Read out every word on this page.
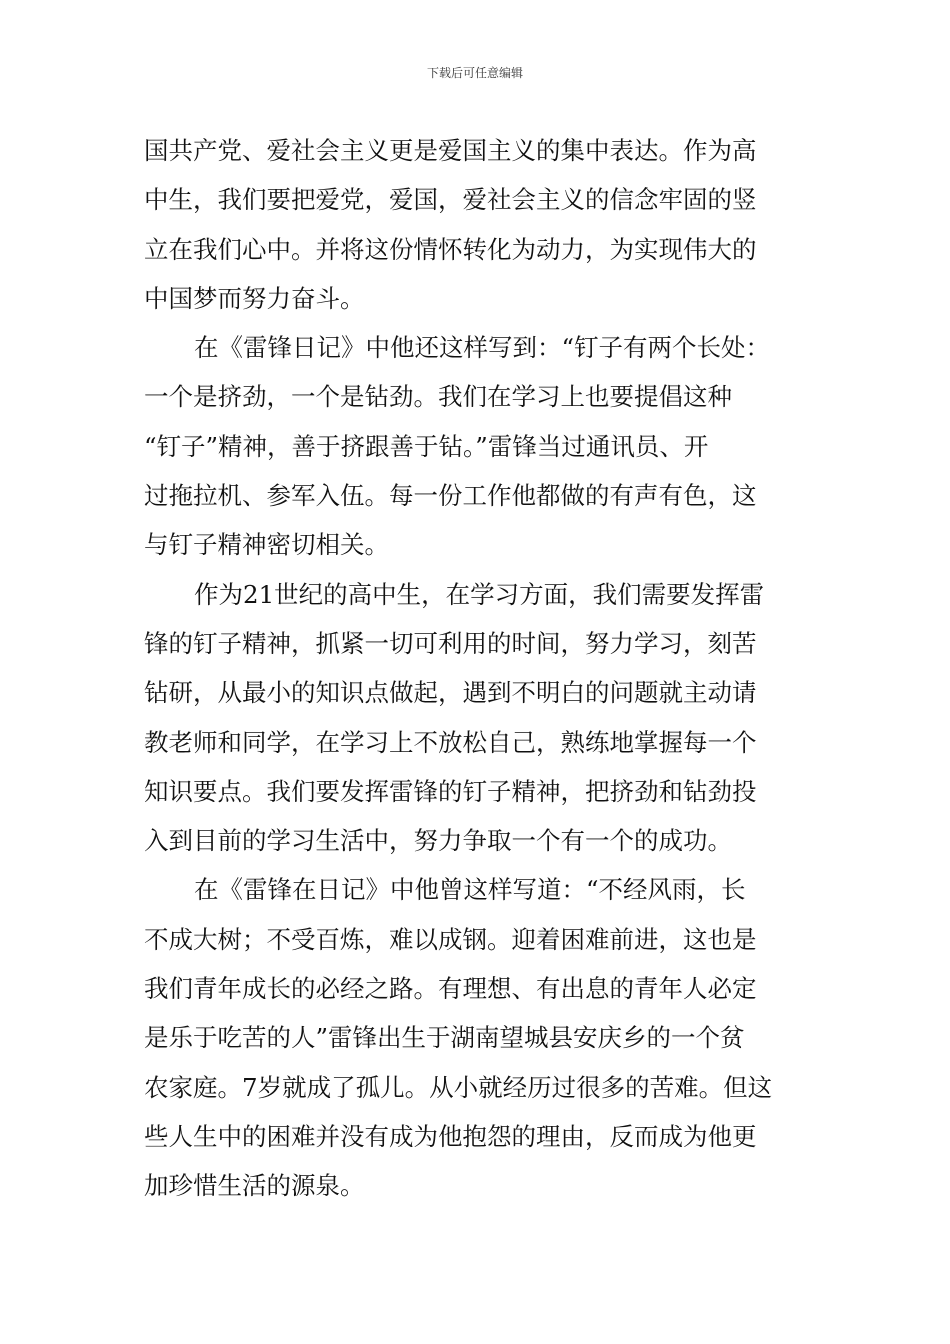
下载后可任意编辑

国共产党、爱社会主义更是爱国主义的集中表达。作为高
中生，我们要把爱党，爱国，爱社会主义的信念牢固的竖
立在我们心中。并将这份情怀转化为动力，为实现伟大的
中国梦而努力奋斗。

在《雷锋日记》中他还这样写到：“钉子有两个长处：
一个是挤劲，一个是钻劲。我们在学习上也要提倡这种
“钉子”精神，善于挤跟善于钻。”雷锋当过通讯员、开
过拖拉机、参军入伍。每一份工作他都做的有声有色，这
与钉子精神密切相关。

作为21世纪的高中生，在学习方面，我们需要发挥雷
锋的钉子精神，抓紧一切可利用的时间，努力学习，刻苦
钻研，从最小的知识点做起，遇到不明白的问题就主动请
教老师和同学，在学习上不放松自己，熟练地掌握每一个
知识要点。我们要发挥雷锋的钉子精神，把挤劲和钻劲投
入到目前的学习生活中，努力争取一个有一个的成功。

在《雷锋在日记》中他曾这样写道：“不经风雨，长
不成大树；不受百炼，难以成钢。迎着困难前进，这也是
我们青年成长的必经之路。有理想、有出息的青年人必定
是乐于吃苦的人”雷锋出生于湖南望城县安庆乡的一个贫
农家庭。7岁就成了孤儿。从小就经历过很多的苦难。但这
些人生中的困难并没有成为他抱怨的理由，反而成为他更
加珍惜生活的源泉。
